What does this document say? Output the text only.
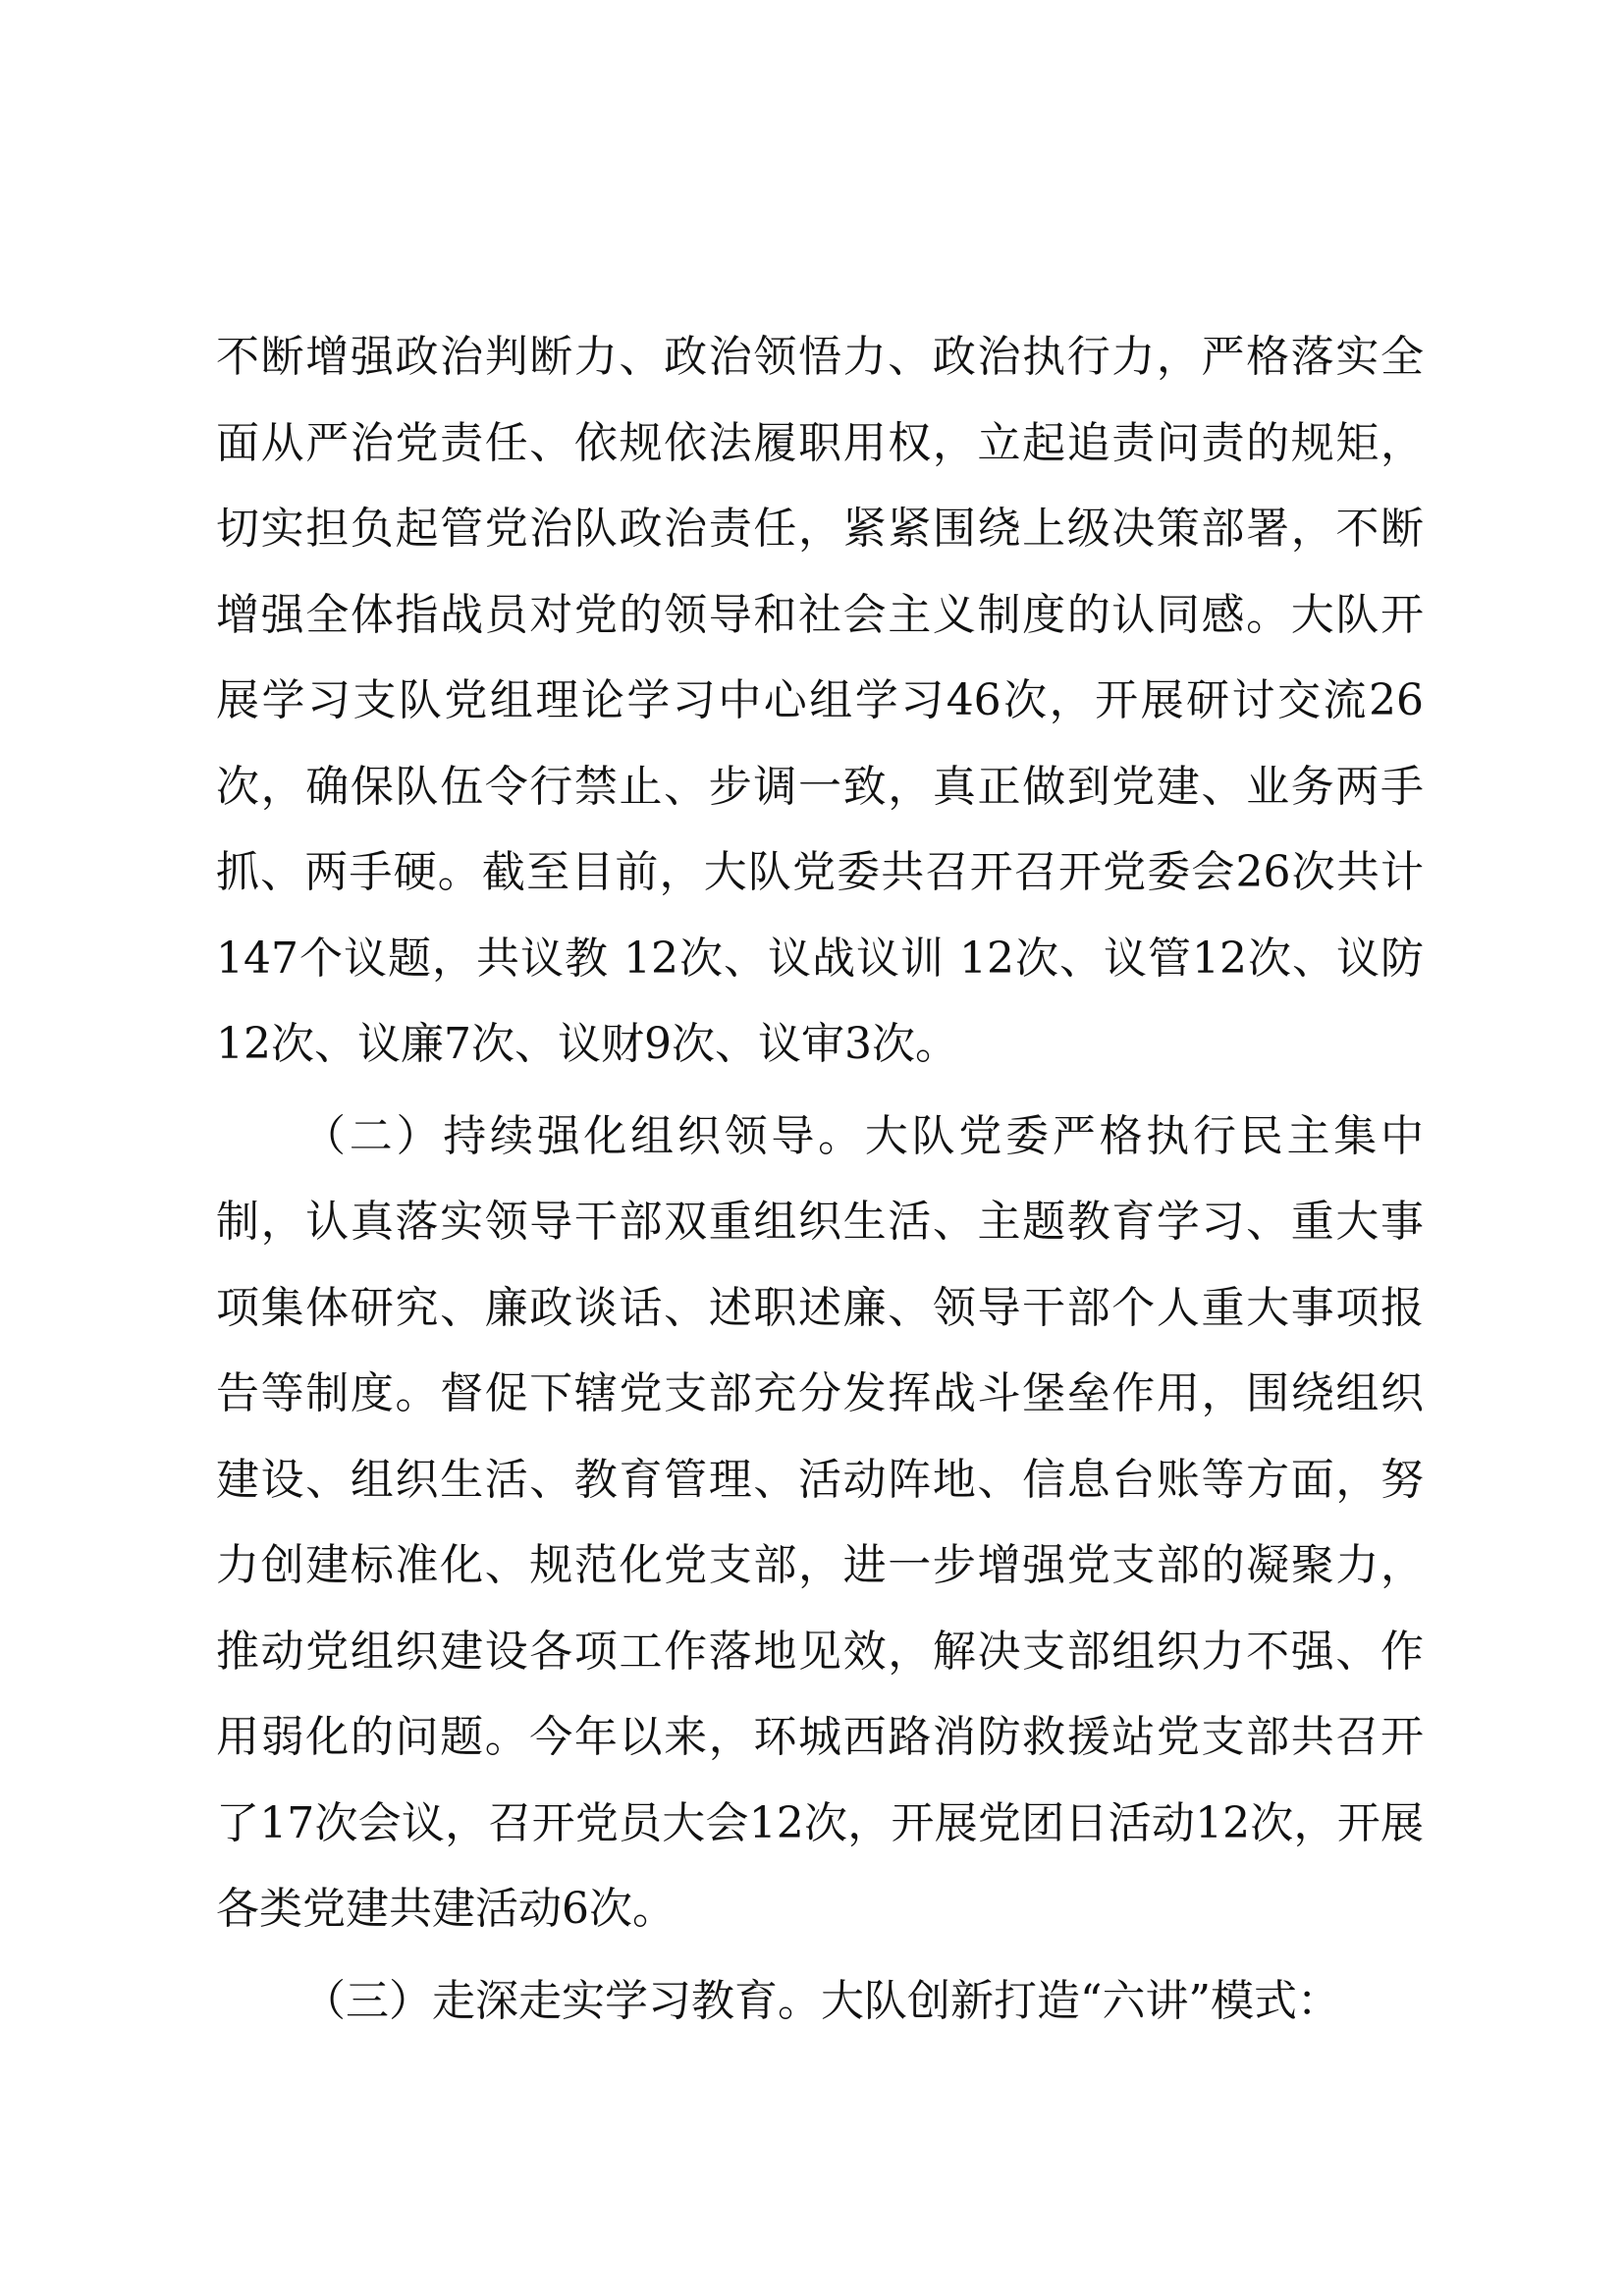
不断增强政治判断力、政治领悟力、政治执行力，严格落实全面从严治党责任、依规依法履职用权，立起追责问责的规矩，切实担负起管党治队政治责任，紧紧围绕上级决策部署，不断增强全体指战员对党的领导和社会主义制度的认同感。大队开展学习支队党组理论学习中心组学习46次，开展研讨交流26次，确保队伍令行禁止、步调一致，真正做到党建、业务两手抓、两手硬。截至目前，大队党委共召开召开党委会26次共计147个议题，共议教 12次、议战议训 12次、议管12次、议防12次、议廉7次、议财9次、议审3次。

（二）持续强化组织领导。大队党委严格执行民主集中制，认真落实领导干部双重组织生活、主题教育学习、重大事项集体研究、廉政谈话、述职述廉、领导干部个人重大事项报告等制度。督促下辖党支部充分发挥战斗堡垒作用，围绕组织建设、组织生活、教育管理、活动阵地、信息台账等方面，努力创建标准化、规范化党支部，进一步增强党支部的凝聚力，推动党组织建设各项工作落地见效，解决支部组织力不强、作用弱化的问题。今年以来，环城西路消防救援站党支部共召开了17次会议，召开党员大会12次，开展党团日活动12次，开展各类党建共建活动6次。

（三）走深走实学习教育。大队创新打造“六讲”模式：
